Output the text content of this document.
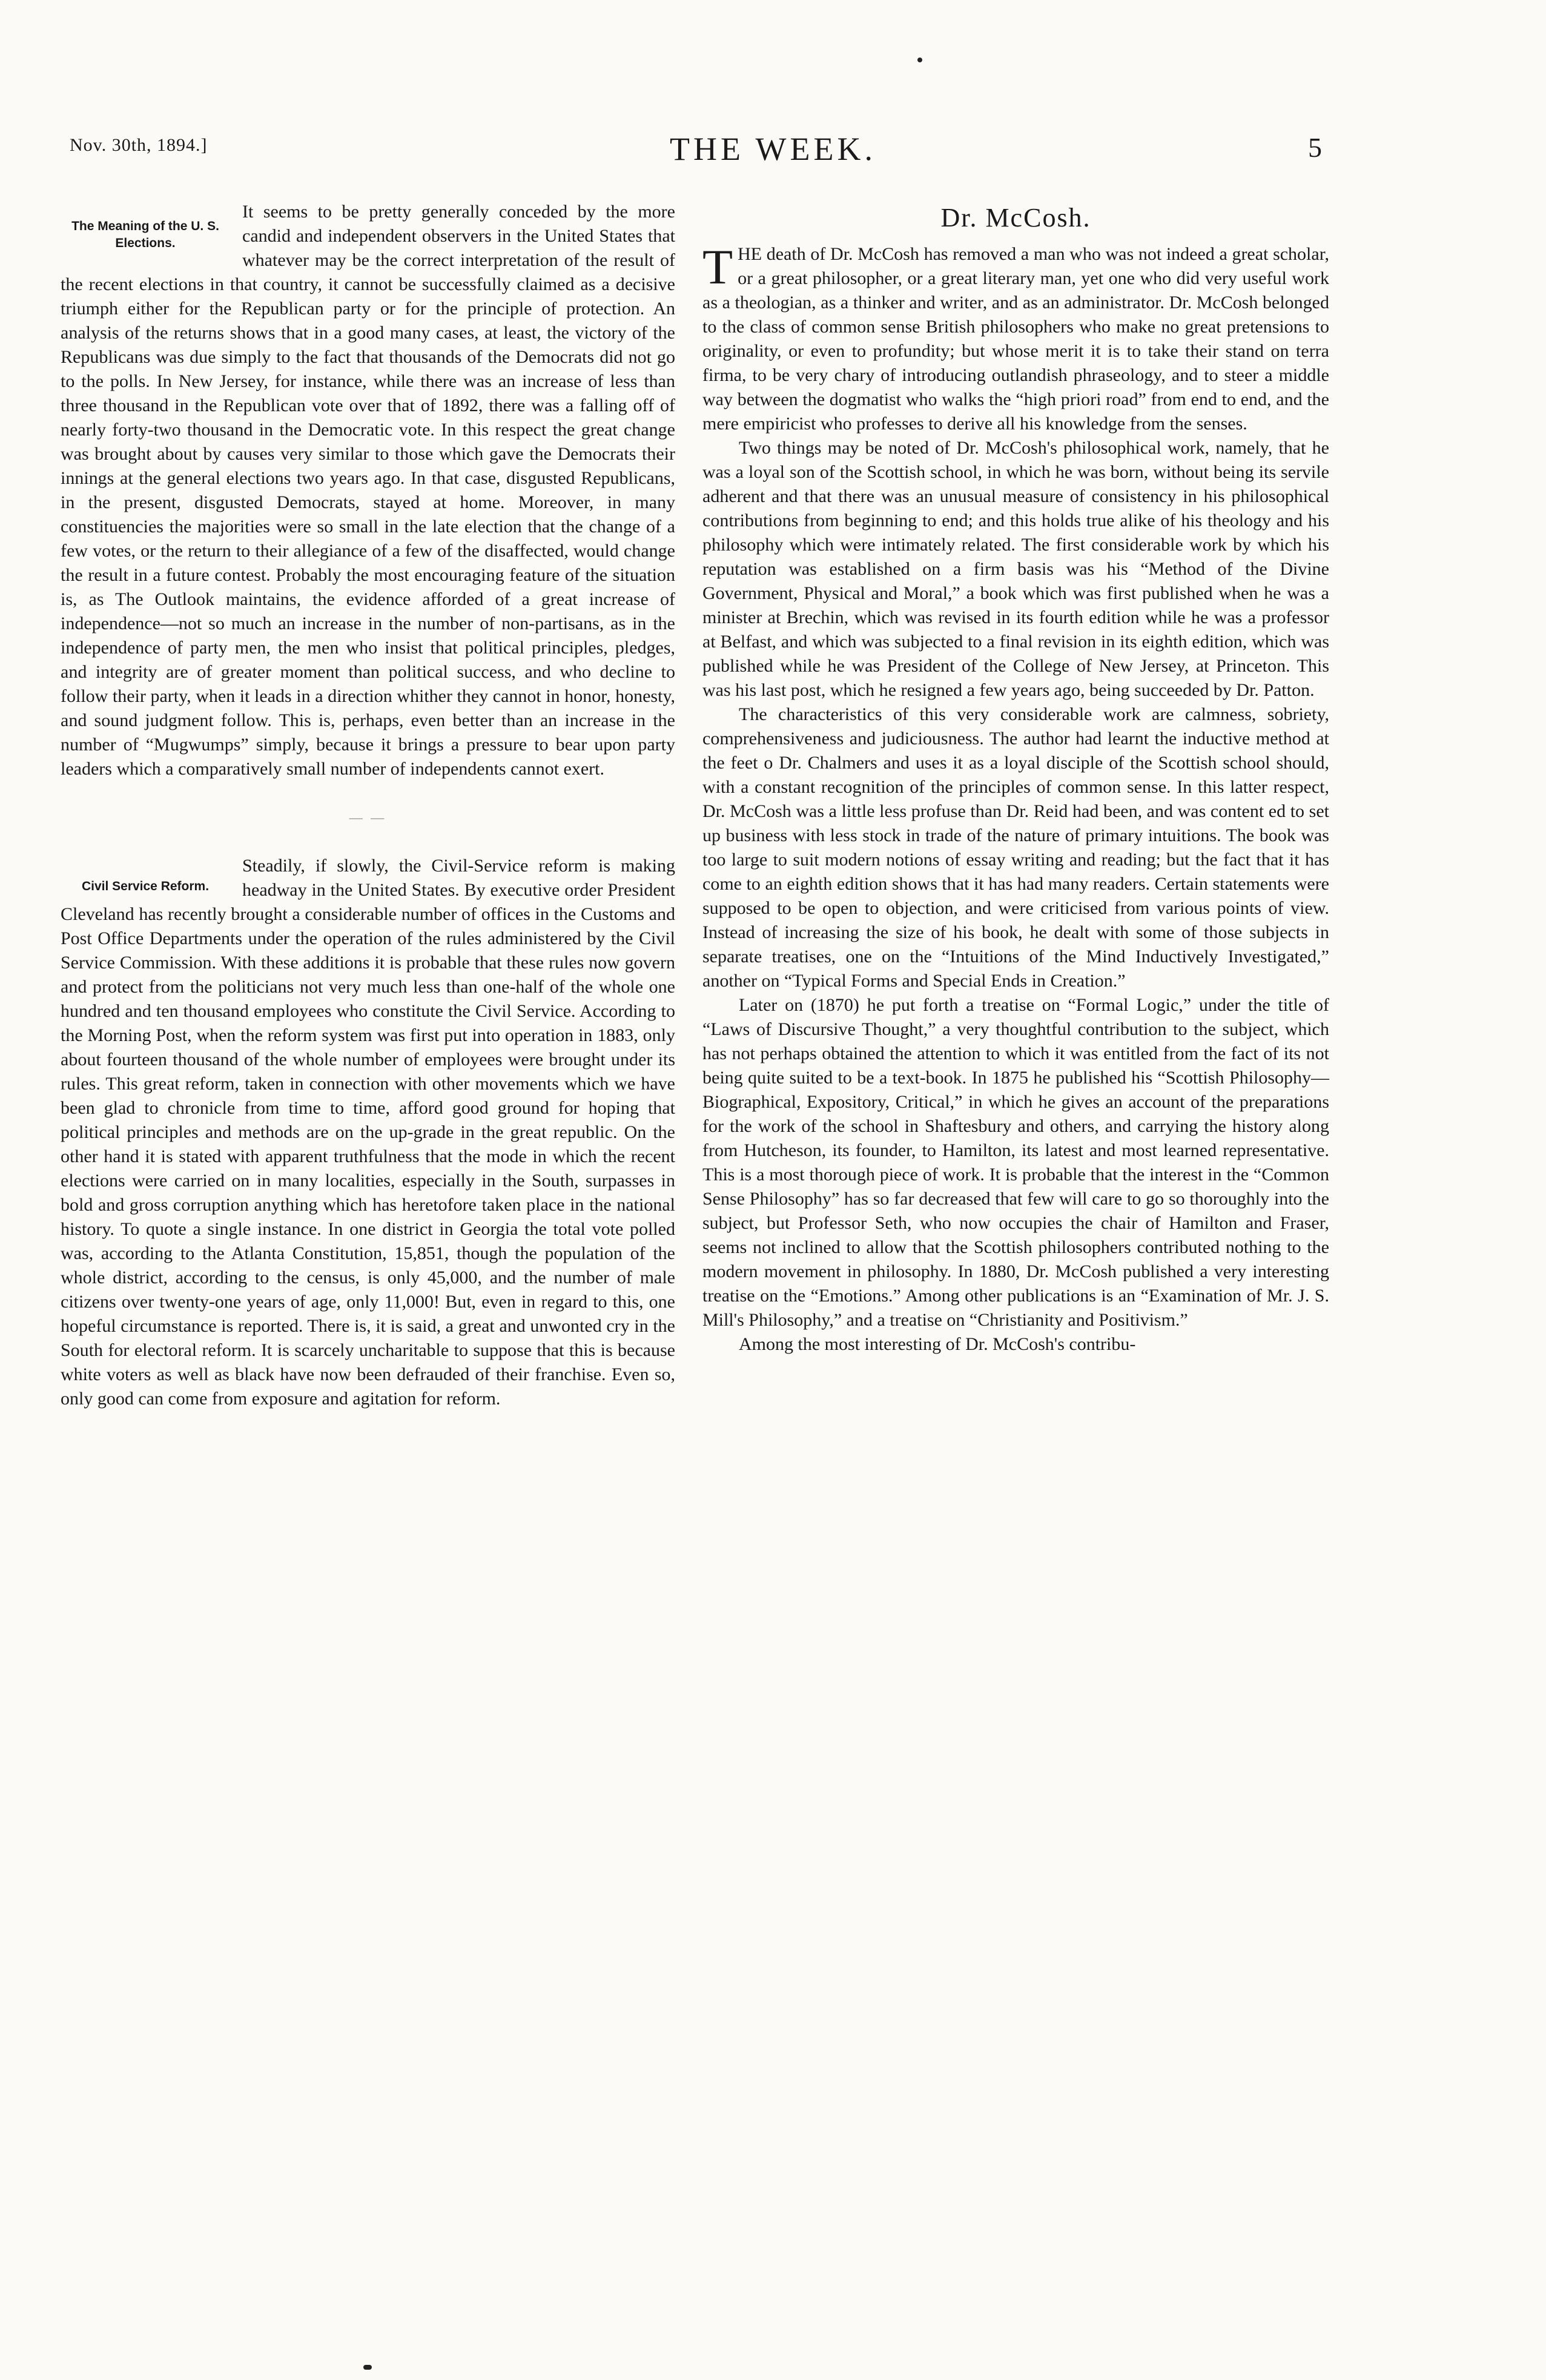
Nov. 30th, 1894.]	THE WEEK.	5
The Meaning of the U. S. Elections.

It seems to be pretty generally conceded by the more candid and independent observers in the United States that whatever may be the correct interpretation of the result of the recent elections in that country, it cannot be successfully claimed as a decisive triumph either for the Republican party or for the principle of protection. An analysis of the returns shows that in a good many cases, at least, the victory of the Republicans was due simply to the fact that thousands of the Democrats did not go to the polls. In New Jersey, for instance, while there was an increase of less than three thousand in the Republican vote over that of 1892, there was a falling off of nearly forty-two thousand in the Democratic vote. In this respect the great change was brought about by causes very similar to those which gave the Democrats their innings at the general elections two years ago. In that case, disgusted Republicans, in the present, disgusted Democrats, stayed at home. Moreover, in many constituencies the majorities were so small in the late election that the change of a few votes, or the return to their allegiance of a few of the disaffected, would change the result in a future contest. Probably the most encouraging feature of the situation is, as The Outlook maintains, the evidence afforded of a great increase of independence—not so much an increase in the number of non-partisans, as in the independence of party men, the men who insist that political principles, pledges, and integrity are of greater moment than political success, and who decline to follow their party, when it leads in a direction whither they cannot in honor, honesty, and sound judgment follow. This is, perhaps, even better than an increase in the number of “Mugwumps” simply, because it brings a pressure to bear upon party leaders which a comparatively small number of independents cannot exert.

— —
Civil Service Reform.

Steadily, if slowly, the Civil-Service reform is making headway in the United States. By executive order President Cleveland has recently brought a considerable number of offices in the Customs and Post Office Departments under the operation of the rules administered by the Civil Service Commission. With these additions it is probable that these rules now govern and protect from the politicians not very much less than one-half of the whole one hundred and ten thousand employees who constitute the Civil Service. According to the Morning Post, when the reform system was first put into operation in 1883, only about fourteen thousand of the whole number of employees were brought under its rules. This great reform, taken in connection with other movements which we have been glad to chronicle from time to time, afford good ground for hoping that political principles and methods are on the up-grade in the great republic. On the other hand it is stated with apparent truthfulness that the mode in which the recent elections were carried on in many localities, especially in the South, surpasses in bold and gross corruption anything which has heretofore taken place in the national history. To quote a single instance. In one district in Georgia the total vote polled was, according to the Atlanta Constitution, 15,851, though the population of the whole district, according to the census, is only 45,000, and the number of male citizens over twenty-one years of age, only 11,000! But, even in regard to this, one hopeful circumstance is reported. There is, it is said, a great and unwonted cry in the South for electoral reform. It is scarcely uncharitable to suppose that this is because white voters as well as black have now been defrauded of their franchise. Even so, only good can come from exposure and agitation for reform.

Dr. McCosh.

THE death of Dr. McCosh has removed a man who was not indeed a great scholar, or a great philosopher, or a great literary man, yet one who did very useful work as a theologian, as a thinker and writer, and as an administrator. Dr. McCosh belonged to the class of common sense British philosophers who make no great pretensions to originality, or even to profundity; but whose merit it is to take their stand on terra firma, to be very chary of introducing outlandish phraseology, and to steer a middle way between the dogmatist who walks the “high priori road” from end to end, and the mere empiricist who professes to derive all his knowledge from the senses.

Two things may be noted of Dr. McCosh's philosophical work, namely, that he was a loyal son of the Scottish school, in which he was born, without being its servile adherent and that there was an unusual measure of consistency in his philosophical contributions from beginning to end; and this holds true alike of his theology and his philosophy which were intimately related. The first considerable work by which his reputation was established on a firm basis was his “Method of the Divine Government, Physical and Moral,” a book which was first published when he was a minister at Brechin, which was revised in its fourth edition while he was a professor at Belfast, and which was subjected to a final revision in its eighth edition, which was published while he was President of the College of New Jersey, at Princeton. This was his last post, which he resigned a few years ago, being succeeded by Dr. Patton.

The characteristics of this very considerable work are calmness, sobriety, comprehensiveness and judiciousness. The author had learnt the inductive method at the feet o Dr. Chalmers and uses it as a loyal disciple of the Scottish school should, with a constant recognition of the principles of common sense. In this latter respect, Dr. McCosh was a little less profuse than Dr. Reid had been, and was content ed to set up business with less stock in trade of the nature of primary intuitions. The book was too large to suit modern notions of essay writing and reading; but the fact that it has come to an eighth edition shows that it has had many readers. Certain statements were supposed to be open to objection, and were criticised from various points of view. Instead of increasing the size of his book, he dealt with some of those subjects in separate treatises, one on the “Intuitions of the Mind Inductively Investigated,” another on “Typical Forms and Special Ends in Creation.”

Later on (1870) he put forth a treatise on “Formal Logic,” under the title of “Laws of Discursive Thought,” a very thoughtful contribution to the subject, which has not perhaps obtained the attention to which it was entitled from the fact of its not being quite suited to be a text-book. In 1875 he published his “Scottish Philosophy—Biographical, Expository, Critical,” in which he gives an account of the preparations for the work of the school in Shaftesbury and others, and carrying the history along from Hutcheson, its founder, to Hamilton, its latest and most learned representative. This is a most thorough piece of work. It is probable that the interest in the “Common Sense Philosophy” has so far decreased that few will care to go so thoroughly into the subject, but Professor Seth, who now occupies the chair of Hamilton and Fraser, seems not inclined to allow that the Scottish philosophers contributed nothing to the modern movement in philosophy. In 1880, Dr. McCosh published a very interesting treatise on the “Emotions.” Among other publications is an “Examination of Mr. J. S. Mill's Philosophy,” and a treatise on “Christianity and Positivism.”

Among the most interesting of Dr. McCosh's contribu-
